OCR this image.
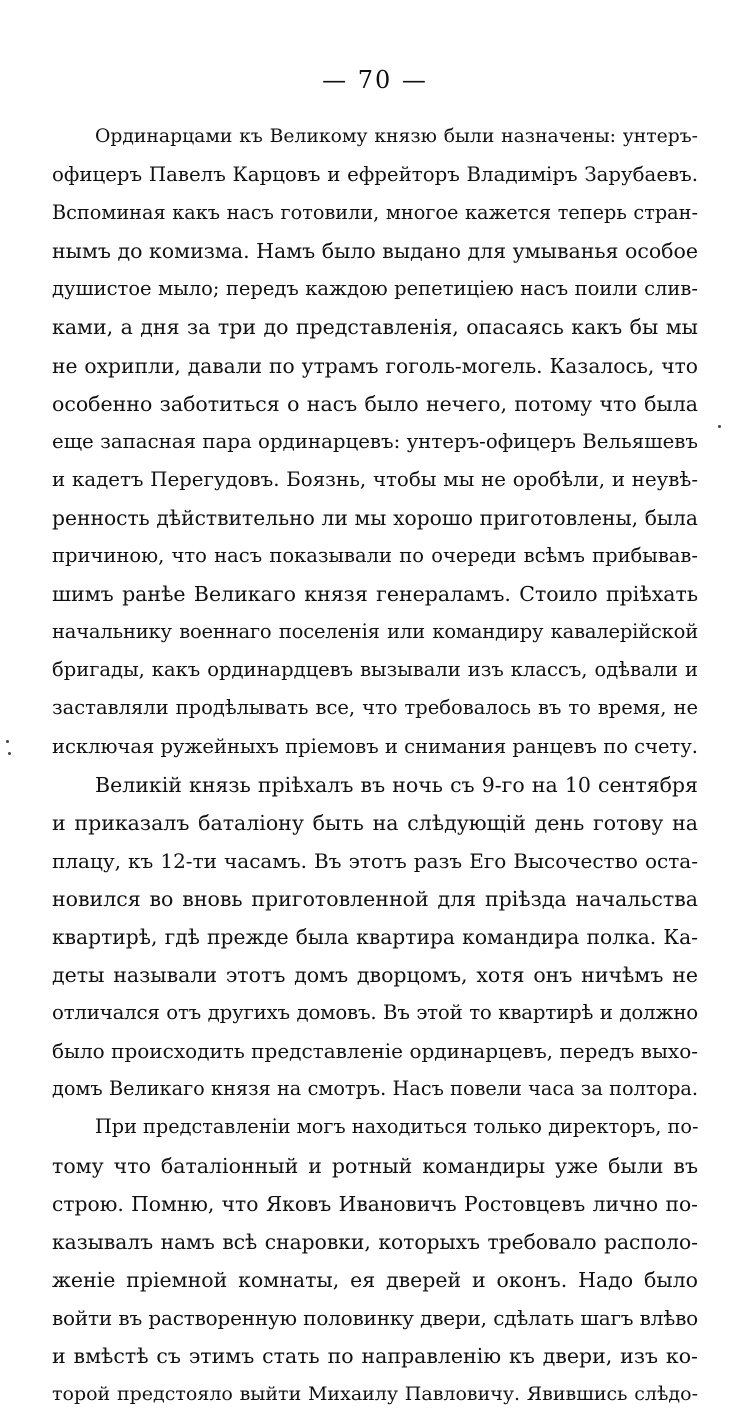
— 70 —
Ординарцами къ Великому князю были назначены: унтеръ-
офицеръ Павелъ Карцовъ и ефрейторъ Владиміръ Зарубаевъ.
Вспоминая какъ насъ готовили, многое кажется теперь стран-
нымъ до комизма. Намъ было выдано для умыванья особое
душистое мыло; передъ каждою репетиціею насъ поили слив-
ками, а дня за три до представленія, опасаясь какъ бы мы
не охрипли, давали по утрамъ гоголь-могель. Казалось, что
особенно заботиться о насъ было нечего, потому что была
еще запасная пара ординарцевъ: унтеръ-офицеръ Вельяшевъ
и кадетъ Перегудовъ. Боязнь, чтобы мы не оробѣли, и неувѣ-
ренность дѣйствительно ли мы хорошо приготовлены, была
причиною, что насъ показывали по очереди всѣмъ прибывав-
шимъ ранѣе Великаго князя генераламъ. Стоило пріѣхать
начальнику военнаго поселенія или командиру кавалерійской
бригады, какъ ординардцевъ вызывали изъ классъ, одѣвали и
заставляли продѣлывать все, что требовалось въ то время, не
исключая ружейныхъ пріемовъ и снимания ранцевъ по счету.
Великій князь пріѣхалъ въ ночь съ 9-го на 10 сентября
и приказалъ баталіону быть на слѣдующій день готову на
плацу, къ 12-ти часамъ. Въ этотъ разъ Его Высочество оста-
новился во вновь приготовленной для пріѣзда начальства
квартирѣ, гдѣ прежде была квартира командира полка. Ка-
деты называли этотъ домъ дворцомъ, хотя онъ ничѣмъ не
отличался отъ другихъ домовъ. Въ этой то квартирѣ и должно
было происходить представленіе ординарцевъ, передъ выхо-
домъ Великаго князя на смотръ. Насъ повели часа за полтора.
При представленіи могъ находиться только директоръ, по-
тому что баталіонный и ротный командиры уже были въ
строю. Помню, что Яковъ Ивановичъ Ростовцевъ лично по-
казывалъ намъ всѣ снаровки, которыхъ требовало располо-
женіе пріемной комнаты, ея дверей и оконъ. Надо было
войти въ растворенную половинку двери, сдѣлать шагъ влѣво
и вмѣстѣ съ этимъ стать по направленію къ двери, изъ ко-
торой предстояло выйти Михаилу Павловичу. Явившись слѣдо-
